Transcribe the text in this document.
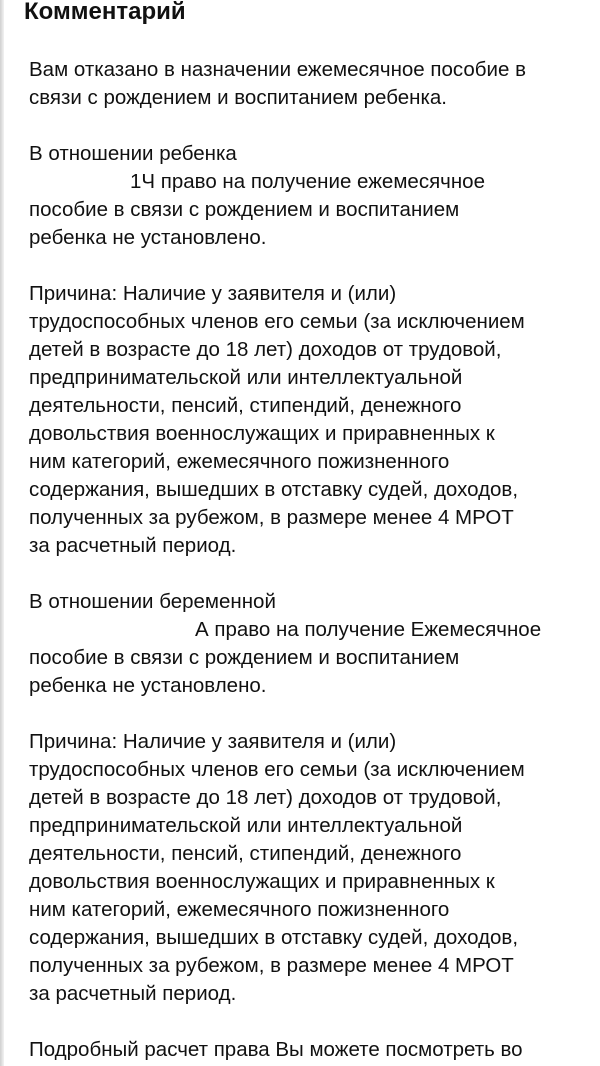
Комментарий
Вам отказано в назначении ежемесячное пособие в
связи с рождением и воспитанием ребенка.
В отношении ребенка
1Ч право на получение ежемесячное
пособие в связи с рождением и воспитанием
ребенка не установлено.
Причина: Наличие у заявителя и (или)
трудоспособных членов его семьи (за исключением
детей в возрасте до 18 лет) доходов от трудовой,
предпринимательской или интеллектуальной
деятельности, пенсий, стипендий, денежного
довольствия военнослужащих и приравненных к
ним категорий, ежемесячного пожизненного
содержания, вышедших в отставку судей, доходов,
полученных за рубежом, в размере менее 4 МРОТ
за расчетный период.
В отношении беременной
А право на получение Ежемесячное
пособие в связи с рождением и воспитанием
ребенка не установлено.
Причина: Наличие у заявителя и (или)
трудоспособных членов его семьи (за исключением
детей в возрасте до 18 лет) доходов от трудовой,
предпринимательской или интеллектуальной
деятельности, пенсий, стипендий, денежного
довольствия военнослужащих и приравненных к
ним категорий, ежемесячного пожизненного
содержания, вышедших в отставку судей, доходов,
полученных за рубежом, в размере менее 4 МРОТ
за расчетный период.
Подробный расчет права Вы можете посмотреть во
